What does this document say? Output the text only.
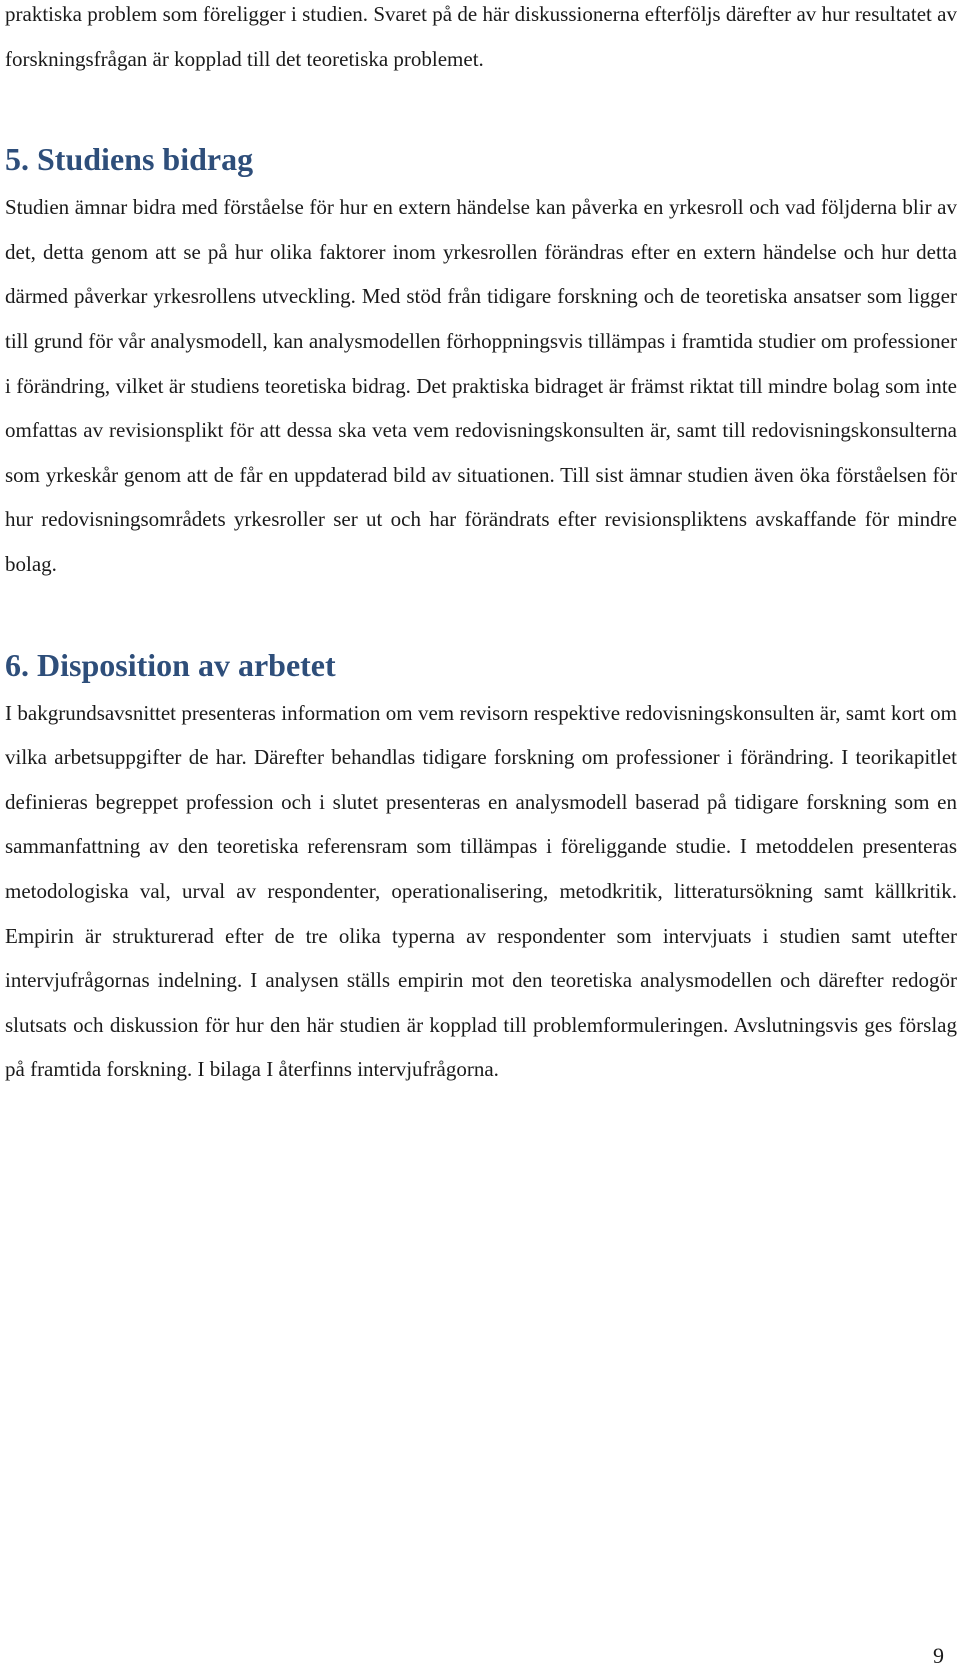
praktiska problem som föreligger i studien. Svaret på de här diskussionerna efterföljs därefter av hur resultatet av forskningsfrågan är kopplad till det teoretiska problemet.

5. Studiens bidrag

Studien ämnar bidra med förståelse för hur en extern händelse kan påverka en yrkesroll och vad följderna blir av det, detta genom att se på hur olika faktorer inom yrkesrollen förändras efter en extern händelse och hur detta därmed påverkar yrkesrollens utveckling. Med stöd från tidigare forskning och de teoretiska ansatser som ligger till grund för vår analysmodell, kan analysmodellen förhoppningsvis tillämpas i framtida studier om professioner i förändring, vilket är studiens teoretiska bidrag. Det praktiska bidraget är främst riktat till mindre bolag som inte omfattas av revisionsplikt för att dessa ska veta vem redovisningskonsulten är, samt till redovisningskonsulterna som yrkeskår genom att de får en uppdaterad bild av situationen. Till sist ämnar studien även öka förståelsen för hur redovisningsområdets yrkesroller ser ut och har förändrats efter revisionspliktens avskaffande för mindre bolag.

6. Disposition av arbetet

I bakgrundsavsnittet presenteras information om vem revisorn respektive redovisningskonsulten är, samt kort om vilka arbetsuppgifter de har. Därefter behandlas tidigare forskning om professioner i förändring. I teorikapitlet definieras begreppet profession och i slutet presenteras en analysmodell baserad på tidigare forskning som en sammanfattning av den teoretiska referensram som tillämpas i föreliggande studie. I metoddelen presenteras metodologiska val, urval av respondenter, operationalisering, metodkritik, litteratursökning samt källkritik. Empirin är strukturerad efter de tre olika typerna av respondenter som intervjuats i studien samt utefter intervjufrågornas indelning. I analysen ställs empirin mot den teoretiska analysmodellen och därefter redogör slutsats och diskussion för hur den här studien är kopplad till problemformuleringen. Avslutningsvis ges förslag på framtida forskning. I bilaga I återfinns intervjufrågorna.

9
